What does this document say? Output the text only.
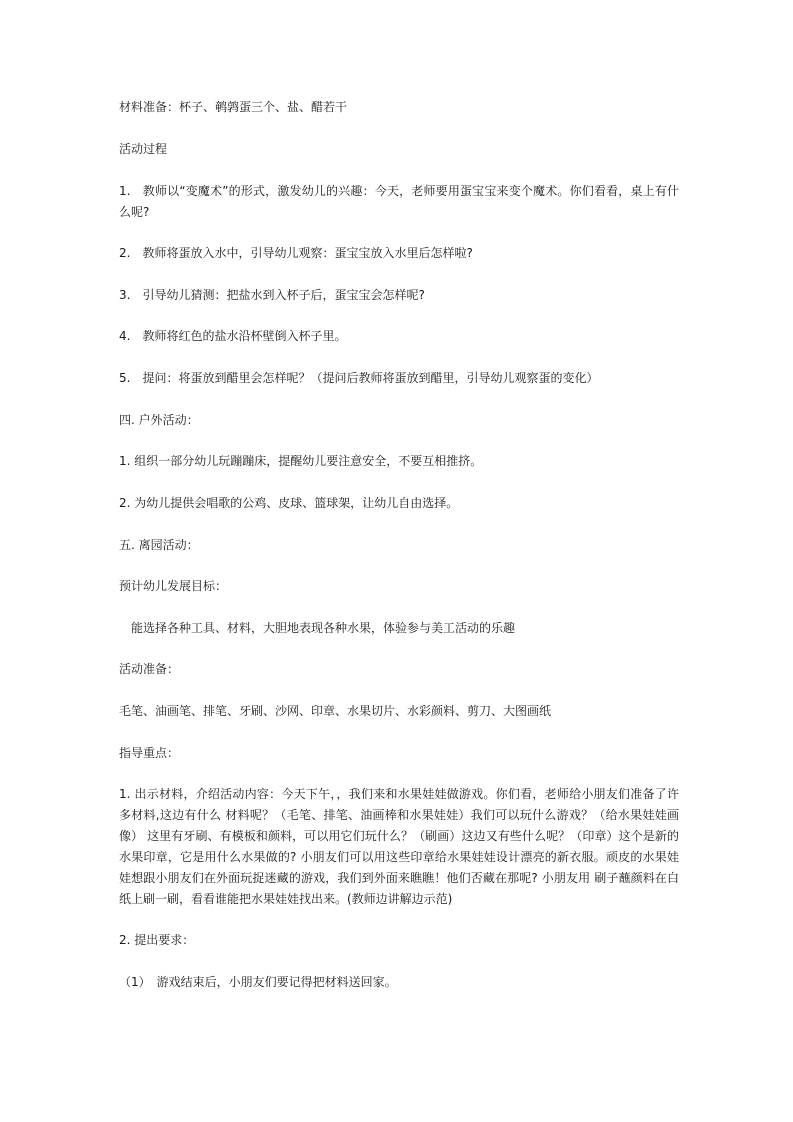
材料准备：杯子、鹌鹑蛋三个、盐、醋若干
活动过程
1.　教师以“变魔术”的形式，激发幼儿的兴趣：今天，老师要用蛋宝宝来变个魔术。你们看看，桌上有什
么呢?
2.　教师将蛋放入水中，引导幼儿观察：蛋宝宝放入水里后怎样啦?
3.　引导幼儿猜测：把盐水到入杯子后，蛋宝宝会怎样呢?
4.　教师将红色的盐水沿杯壁倒入杯子里。
5.　提问：将蛋放到醋里会怎样呢？（提问后教师将蛋放到醋里，引导幼儿观察蛋的变化）
四. 户外活动：
1. 组织一部分幼儿玩蹦蹦床，提醒幼儿要注意安全，不要互相推挤。
2. 为幼儿提供会唱歌的公鸡、皮球、篮球架，让幼儿自由选择。
五. 离园活动：
预计幼儿发展目标：
　能选择各种工具、材料，大胆地表现各种水果，体验参与美工活动的乐趣
活动准备：
毛笔、油画笔、排笔、牙刷、沙网、印章、水果切片、水彩颜料、剪刀、大图画纸
指导重点：
1. 出示材料，介绍活动内容：今天下午，，我们来和水果娃娃做游戏。你们看，老师给小朋友们准备了许
多材料,这边有什么 材料呢？（毛笔、排笔、油画棒和水果娃娃）我们可以玩什么游戏？（给水果娃娃画
像） 这里有牙刷、有模板和颜料，可以用它们玩什么？（刷画）这边又有些什么呢？（印章）这个是新的
水果印章，它是用什么水果做的? 小朋友们可以用这些印章给水果娃娃设计漂亮的新衣服。顽皮的水果娃
娃想跟小朋友们在外面玩捉迷藏的游戏，我们到外面来瞧瞧！他们否藏在那呢? 小朋友用 刷子蘸颜料在白
纸上刷一刷，看看谁能把水果娃娃找出来。(教师边讲解边示范)
2. 提出要求：
（1）　游戏结束后，小朋友们要记得把材料送回家。
